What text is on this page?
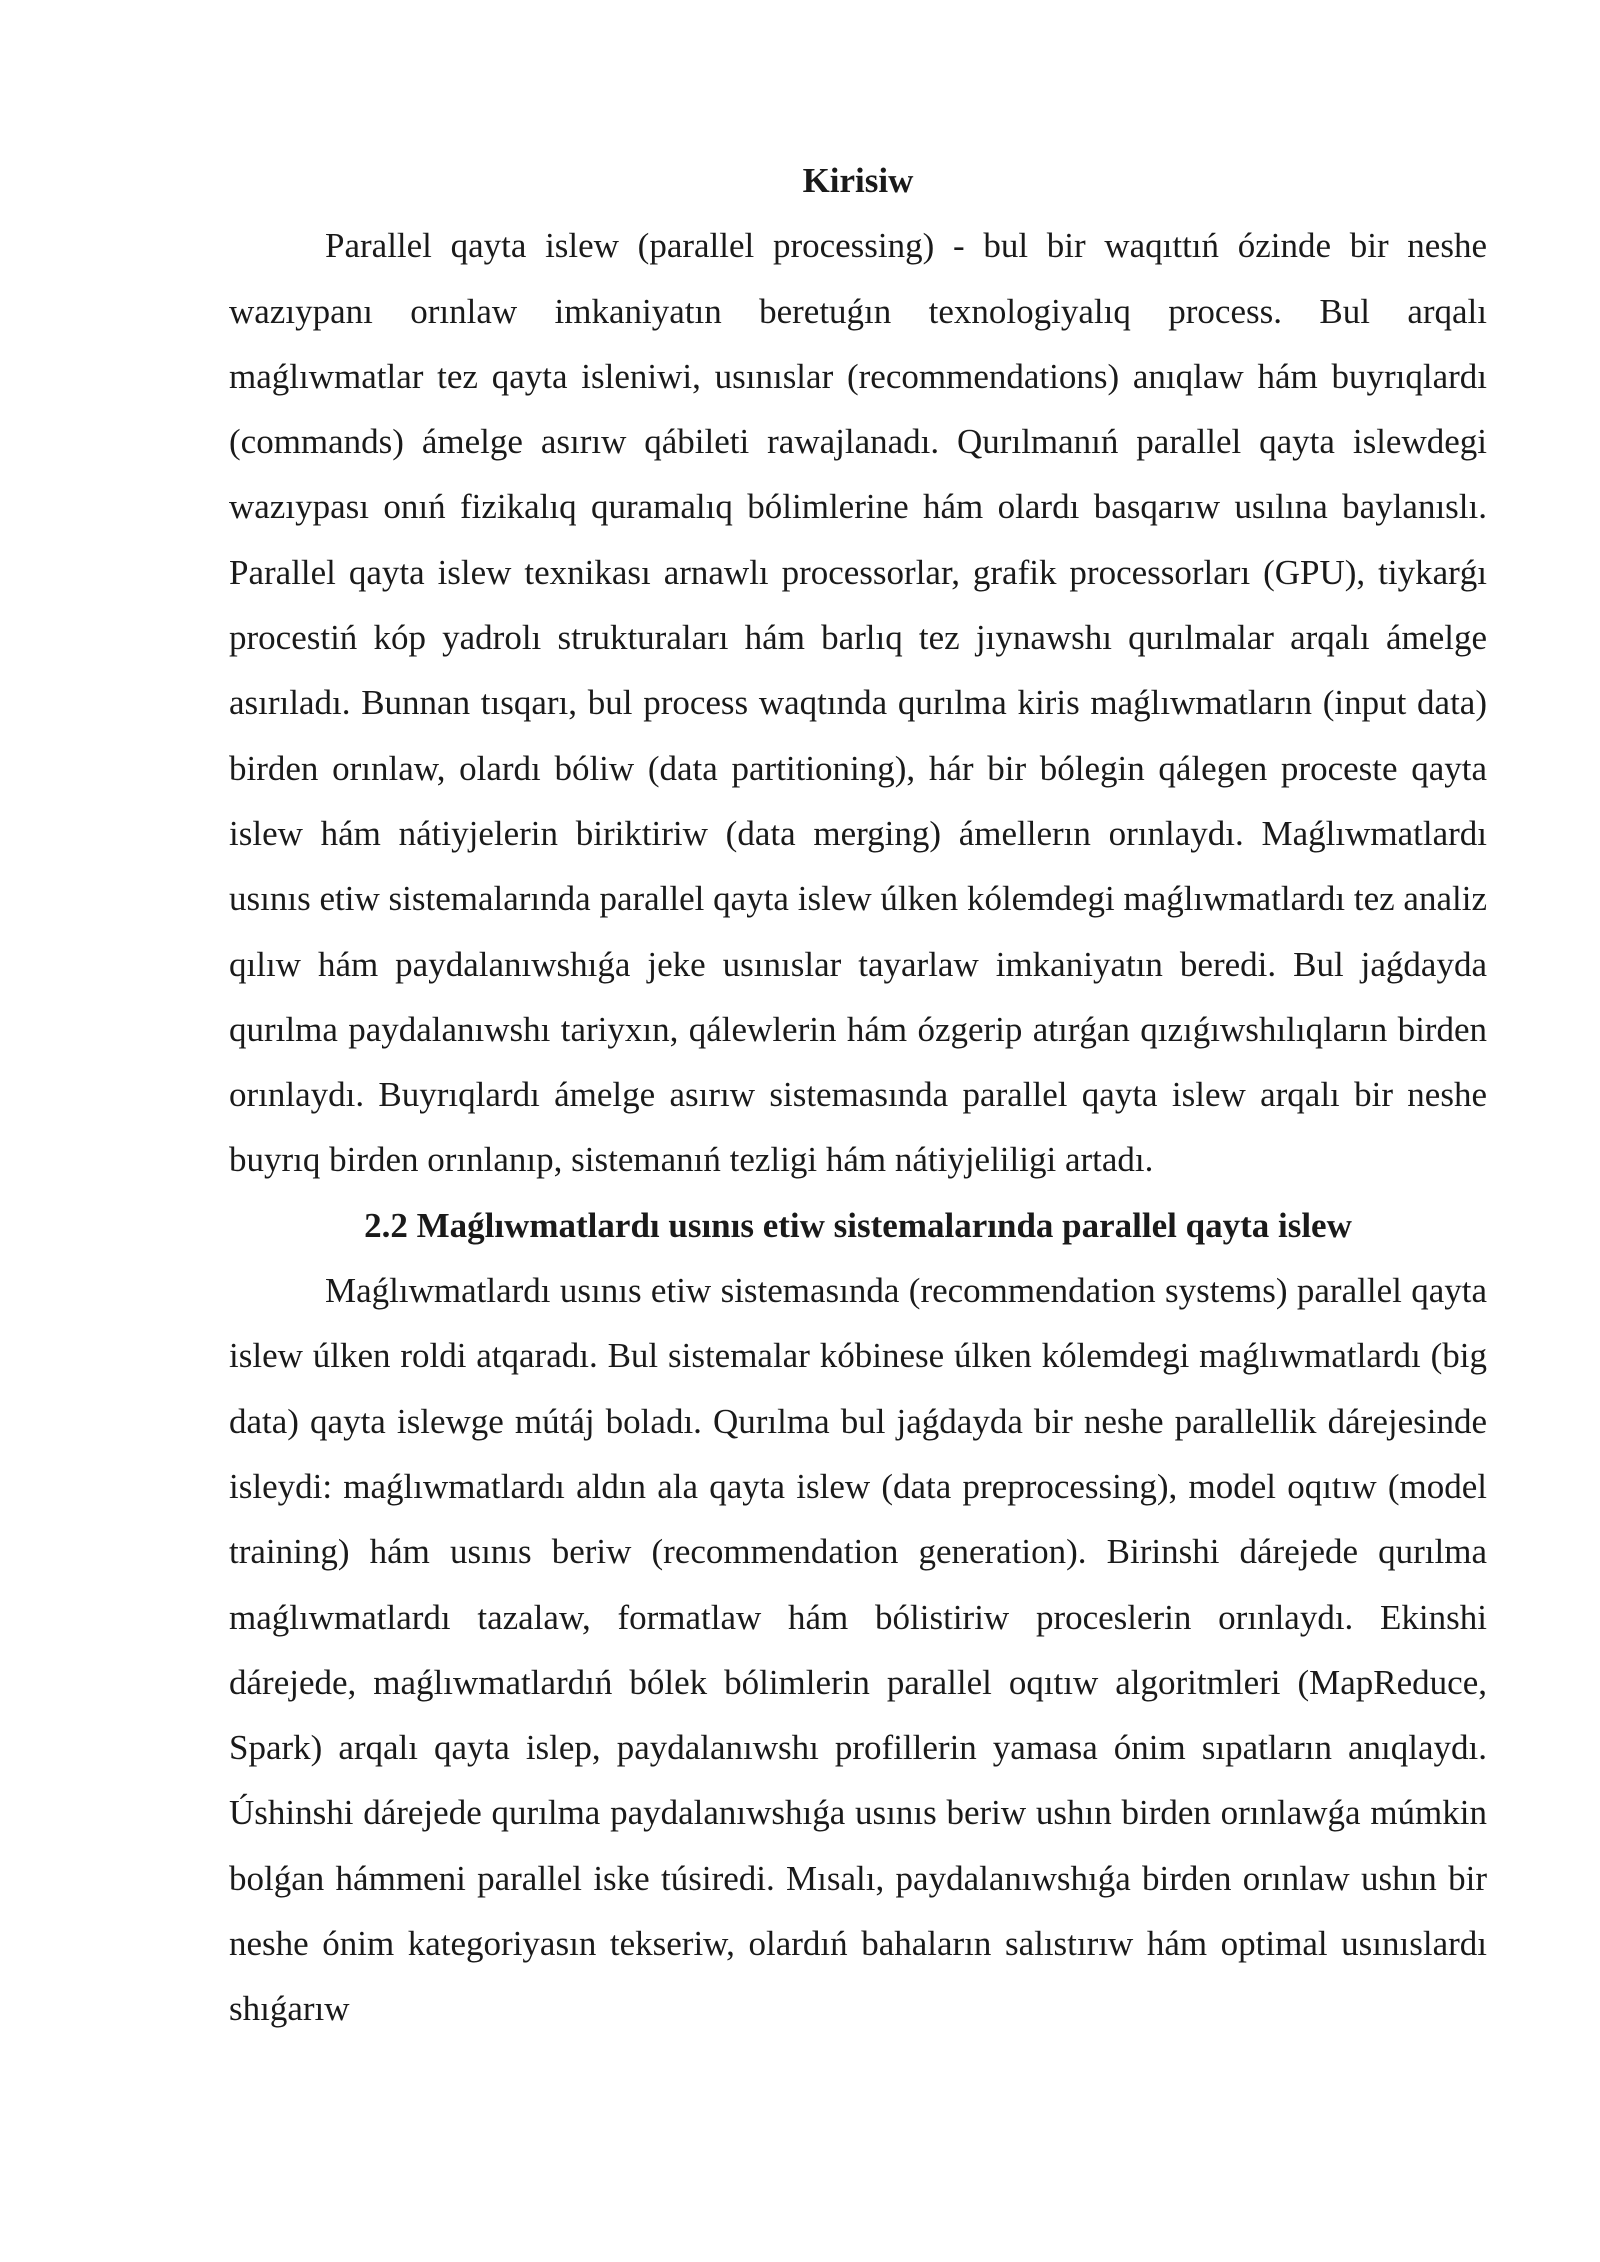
Kirisiw

Parallel qayta islew (parallel processing) - bul bir waqıttıń ózinde bir neshe wazıypanı orınlaw imkaniyatın beretuǵın texnologiyalıq process. Bul arqalı maǵlıwmatlar tez qayta isleniwi, usınıslar (recommendations) anıqlaw hám buyrıqlardı (commands) ámelge asırıw qábileti rawajlanadı. Qurılmanıń parallel qayta islewdegi wazıypası onıń fizikalıq quramalıq bólimlerine hám olardı basqarıw usılına baylanıslı. Parallel qayta islew texnikası arnawlı processorlar, grafik processorları (GPU), tiykarǵı procestiń kóp yadrolı strukturaları hám barlıq tez jıynawshı qurılmalar arqalı ámelge asırıladı. Bunnan tısqarı, bul process waqtında qurılma kiris maǵlıwmatların (input data) birden orınlaw, olardı bóliw (data partitioning), hár bir bólegin qálegen proceste qayta islew hám nátiyjelerin biriktiriw (data merging) ámellerın orınlaydı. Maǵlıwmatlardı usınıs etiw sistemalarında parallel qayta islew úlken kólemdegi maǵlıwmatlardı tez analiz qılıw hám paydalanıwshıǵa jeke usınıslar tayarlaw imkaniyatın beredi. Bul jaǵdayda qurılma paydalanıwshı tariyxın, qálewlerin hám ózgerip atırǵan qızıǵıwshılıqların birden orınlaydı. Buyrıqlardı ámelge asırıw sistemasında parallel qayta islew arqalı bir neshe buyrıq birden orınlanıp, sistemanıń tezligi hám nátiyjeliligi artadı.

2.2 Maǵlıwmatlardı usınıs etiw sistemalarında parallel qayta islew

Maǵlıwmatlardı usınıs etiw sistemasında (recommendation systems) parallel qayta islew úlken roldi atqaradı. Bul sistemalar kóbinese úlken kólemdegi maǵlıwmatlardı (big data) qayta islewge mútáj boladı. Qurılma bul jaǵdayda bir neshe parallellik dárejesinde isleydi: maǵlıwmatlardı aldın ala qayta islew (data preprocessing), model oqıtıw (model training) hám usınıs beriw (recommendation generation). Birinshi dárejede qurılma maǵlıwmatlardı tazalaw, formatlaw hám bólistiriw proceslerin orınlaydı. Ekinshi dárejede, maǵlıwmatlardıń bólek bólimlerin parallel oqıtıw algoritmleri (MapReduce, Spark) arqalı qayta islep, paydalanıwshı profillerin yamasa ónim sıpatların anıqlaydı. Úshinshi dárejede qurılma paydalanıwshıǵa usınıs beriw ushın birden orınlawǵa múmkin bolǵan hámmeni parallel iske túsiredi. Mısalı, paydalanıwshıǵa birden orınlaw ushın bir neshe ónim kategoriyasın tekseriw, olardıń bahaların salıstırıw hám optimal usınıslardı shıǵarıw
